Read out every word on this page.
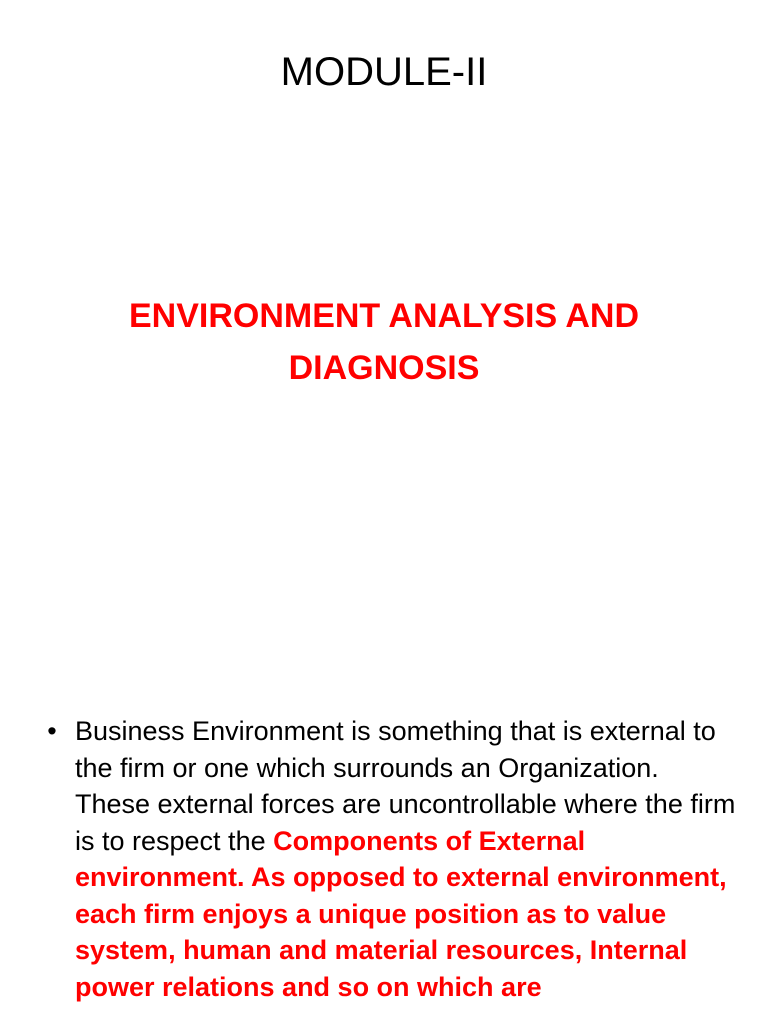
MODULE-II
ENVIRONMENT ANALYSIS AND DIAGNOSIS
• Business Environment is something that is external to the firm or one which surrounds an Organization. These external forces are uncontrollable where the firm is to respect the Components of External environment. As opposed to external environment, each firm enjoys a unique position as to value system, human and material resources, Internal power relations and so on which are
